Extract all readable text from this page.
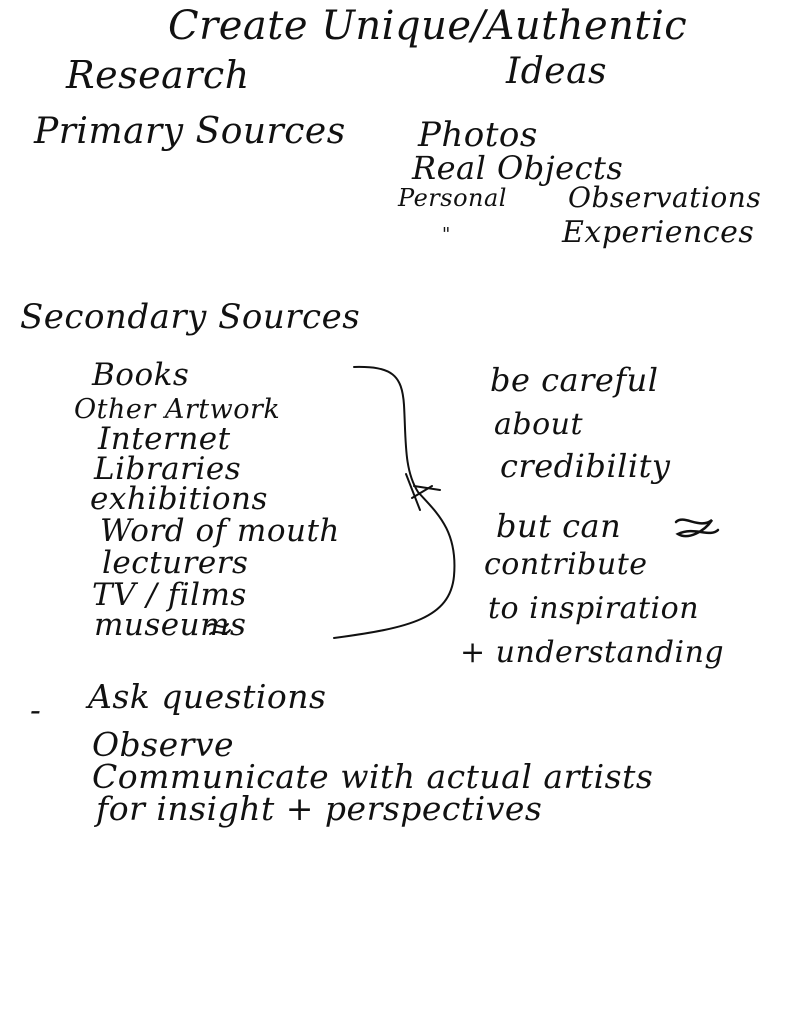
Create Unique/Authentic
Ideas
Research
Primary Sources Photos
Real Objects
Personal Observations
"	Experiences
Secondary Sources
Books
Other Artwork
Internet
Libraries
exhibitions
Word of mouth
lecturers
TV / films
museums
be careful
about
credibility
but can
contribute
to inspiration
+ understanding
- Ask questions
Observe
Communicate with actual artists
for insight + perspectives
